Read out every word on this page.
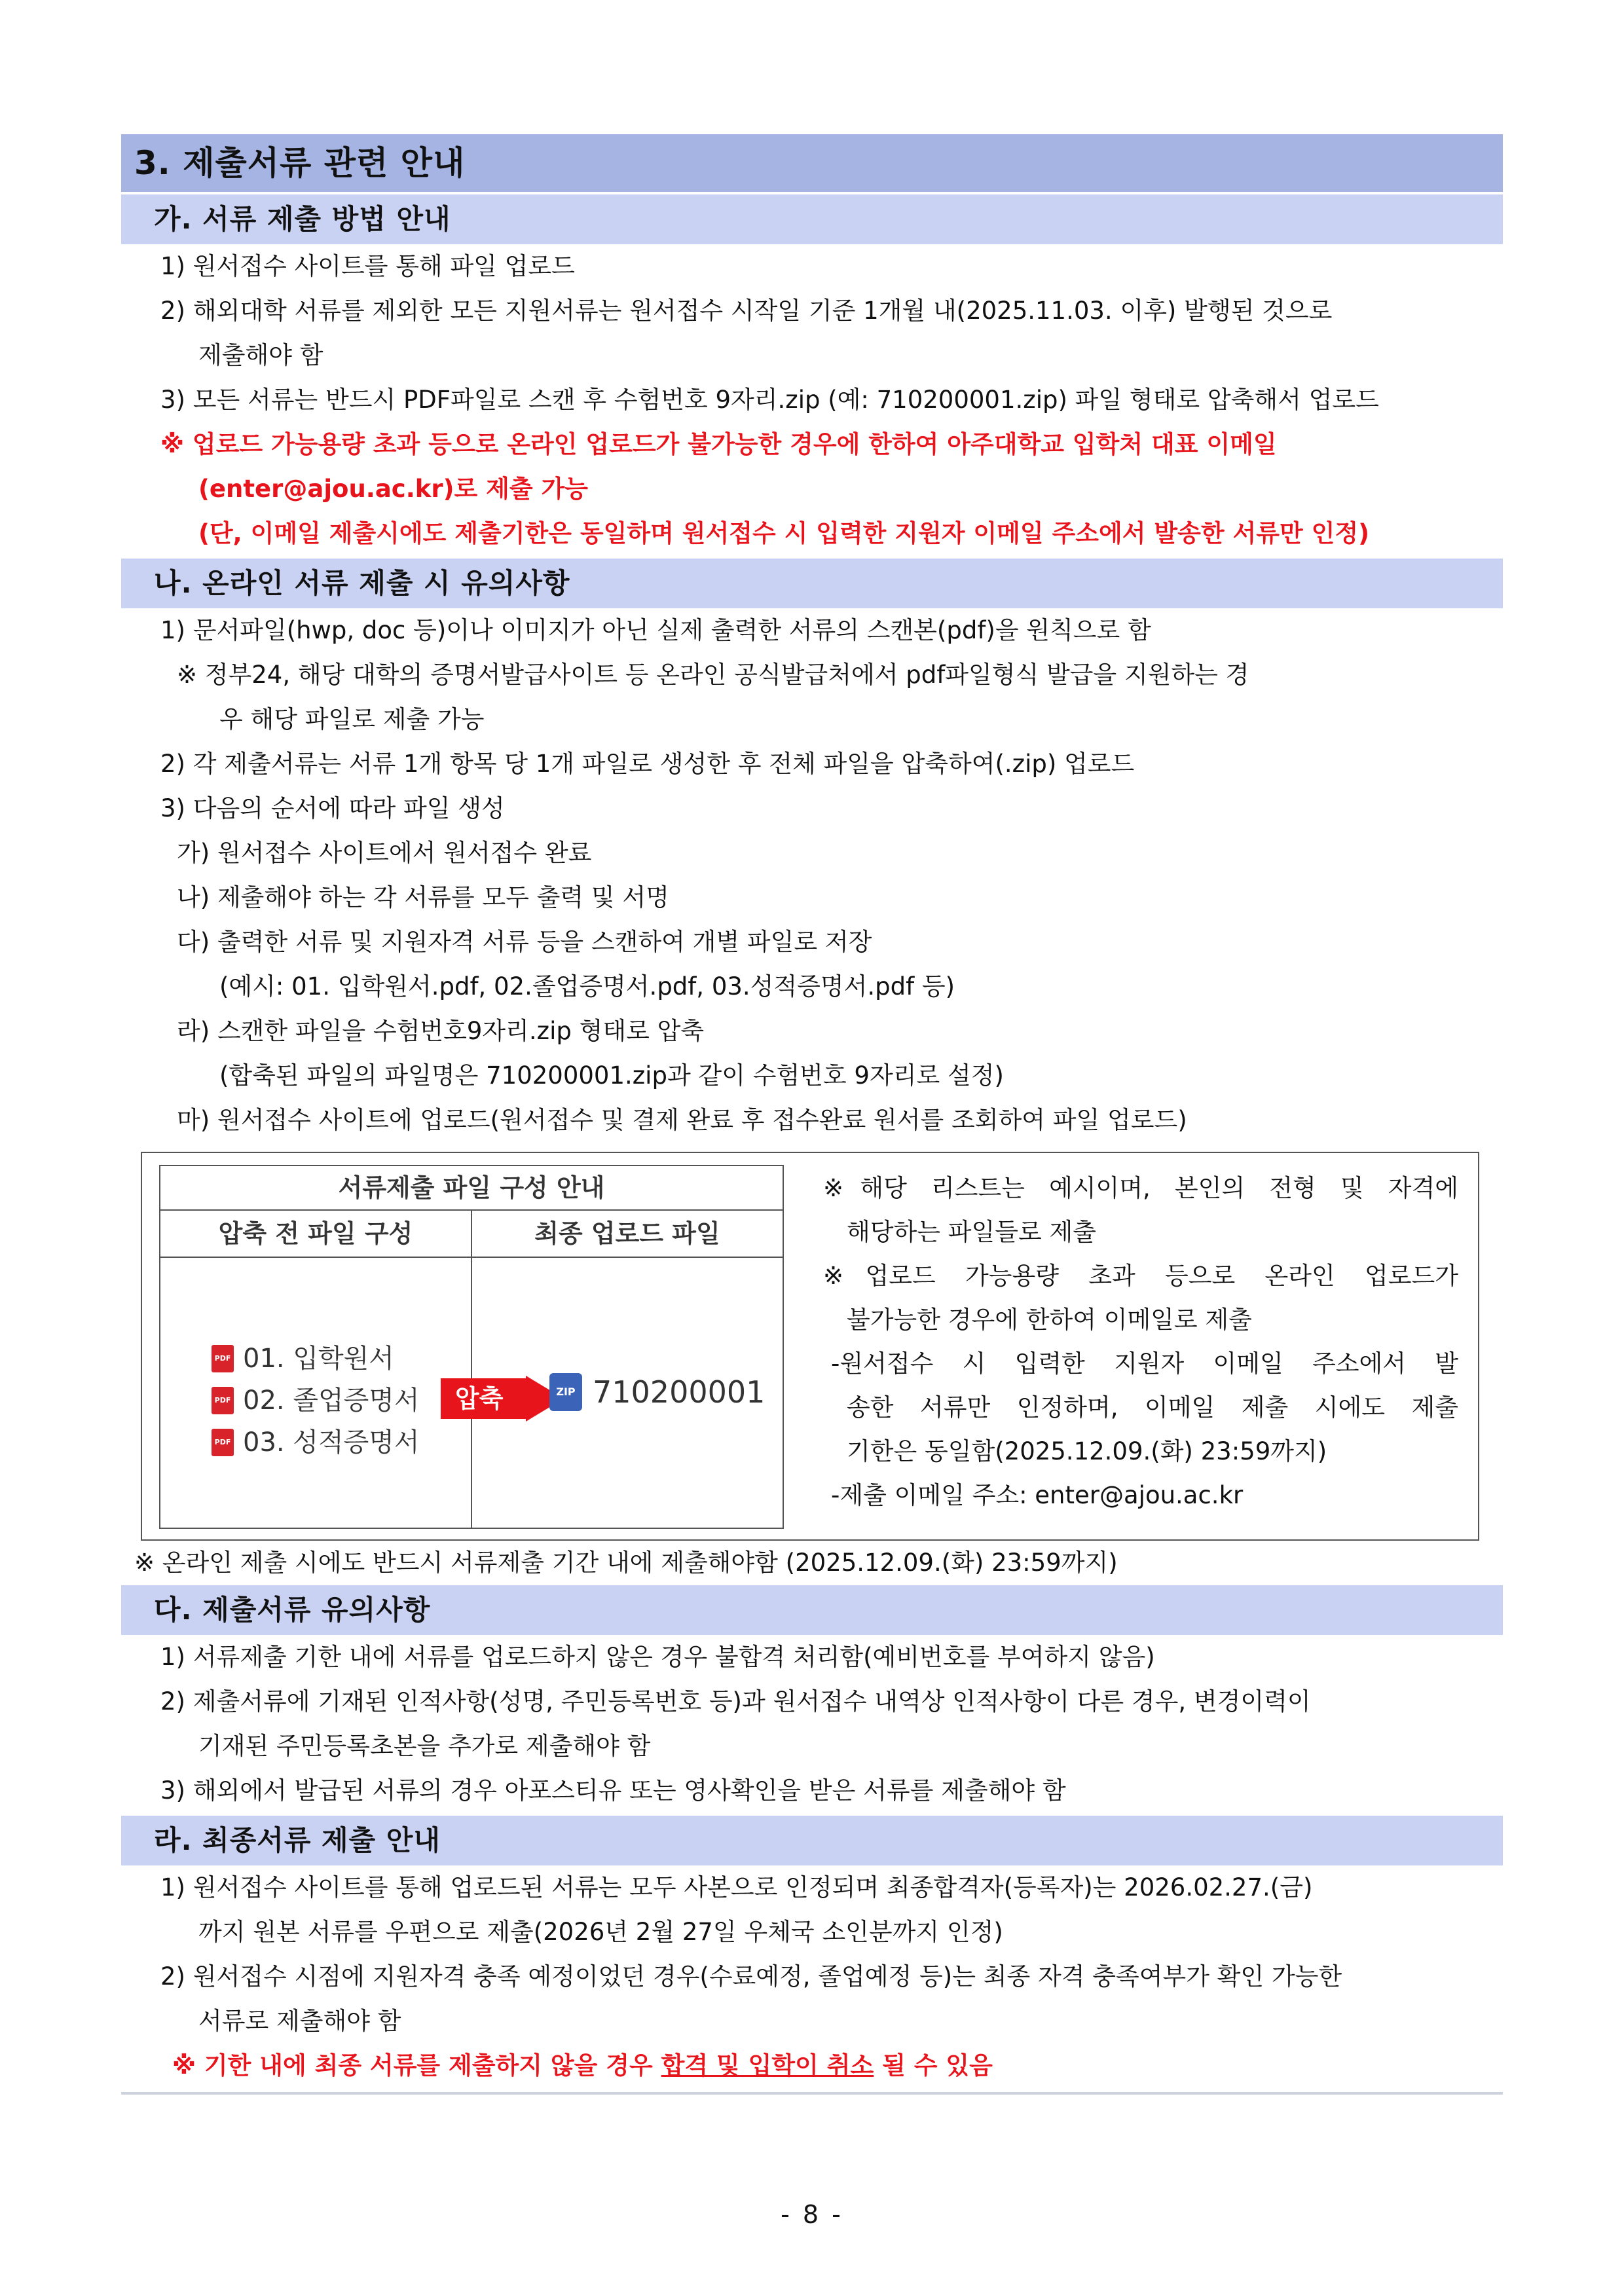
3. 제출서류 관련 안내
가. 서류 제출 방법 안내
1) 원서접수 사이트를 통해 파일 업로드
2) 해외대학 서류를 제외한 모든 지원서류는 원서접수 시작일 기준 1개월 내(2025.11.03. 이후) 발행된 것으로
제출해야 함
3) 모든 서류는 반드시 PDF파일로 스캔 후 수험번호 9자리.zip (예: 710200001.zip) 파일 형태로 압축해서 업로드
※ 업로드 가능용량 초과 등으로 온라인 업로드가 불가능한 경우에 한하여 아주대학교 입학처 대표 이메일
(enter@ajou.ac.kr)로 제출 가능
(단, 이메일 제출시에도 제출기한은 동일하며 원서접수 시 입력한 지원자 이메일 주소에서 발송한 서류만 인정)
나. 온라인 서류 제출 시 유의사항
1) 문서파일(hwp, doc 등)이나 이미지가 아닌 실제 출력한 서류의 스캔본(pdf)을 원칙으로 함
※ 정부24, 해당 대학의 증명서발급사이트 등 온라인 공식발급처에서 pdf파일형식 발급을 지원하는 경
우 해당 파일로 제출 가능
2) 각 제출서류는 서류 1개 항목 당 1개 파일로 생성한 후 전체 파일을 압축하여(.zip) 업로드
3) 다음의 순서에 따라 파일 생성
가) 원서접수 사이트에서 원서접수 완료
나) 제출해야 하는 각 서류를 모두 출력 및 서명
다) 출력한 서류 및 지원자격 서류 등을 스캔하여 개별 파일로 저장
(예시: 01. 입학원서.pdf, 02.졸업증명서.pdf, 03.성적증명서.pdf 등)
라) 스캔한 파일을 수험번호9자리.zip 형태로 압축
(합축된 파일의 파일명은 710200001.zip과 같이 수험번호 9자리로 설정)
마) 원서접수 사이트에 업로드(원서접수 및 결제 완료 후 접수완료 원서를 조회하여 파일 업로드)
서류제출 파일 구성 안내
압축 전 파일 구성	최종 업로드 파일
PDF 01. 입학원서
PDF 02. 졸업증명서
PDF 03. 성적증명서
압축	ZIP 710200001
※해당 리스트는 예시이며, 본인의 전형 및 자격에
해당하는 파일들로 제출
※업로드 가능용량 초과 등으로 온라인 업로드가
불가능한 경우에 한하여 이메일로 제출
-원서접수 시 입력한 지원자 이메일 주소에서 발
송한 서류만 인정하며, 이메일 제출 시에도 제출
기한은 동일함(2025.12.09.(화) 23:59까지)
-제출 이메일 주소: enter@ajou.ac.kr
※ 온라인 제출 시에도 반드시 서류제출 기간 내에 제출해야함 (2025.12.09.(화) 23:59까지)
다. 제출서류 유의사항
1) 서류제출 기한 내에 서류를 업로드하지 않은 경우 불합격 처리함(예비번호를 부여하지 않음)
2) 제출서류에 기재된 인적사항(성명, 주민등록번호 등)과 원서접수 내역상 인적사항이 다른 경우, 변경이력이
기재된 주민등록초본을 추가로 제출해야 함
3) 해외에서 발급된 서류의 경우 아포스티유 또는 영사확인을 받은 서류를 제출해야 함
라. 최종서류 제출 안내
1) 원서접수 사이트를 통해 업로드된 서류는 모두 사본으로 인정되며 최종합격자(등록자)는 2026.02.27.(금)
까지 원본 서류를 우편으로 제출(2026년 2월 27일 우체국 소인분까지 인정)
2) 원서접수 시점에 지원자격 충족 예정이었던 경우(수료예정, 졸업예정 등)는 최종 자격 충족여부가 확인 가능한
서류로 제출해야 함
※ 기한 내에 최종 서류를 제출하지 않을 경우 합격 및 입학이 취소 될 수 있음
- 8 -
